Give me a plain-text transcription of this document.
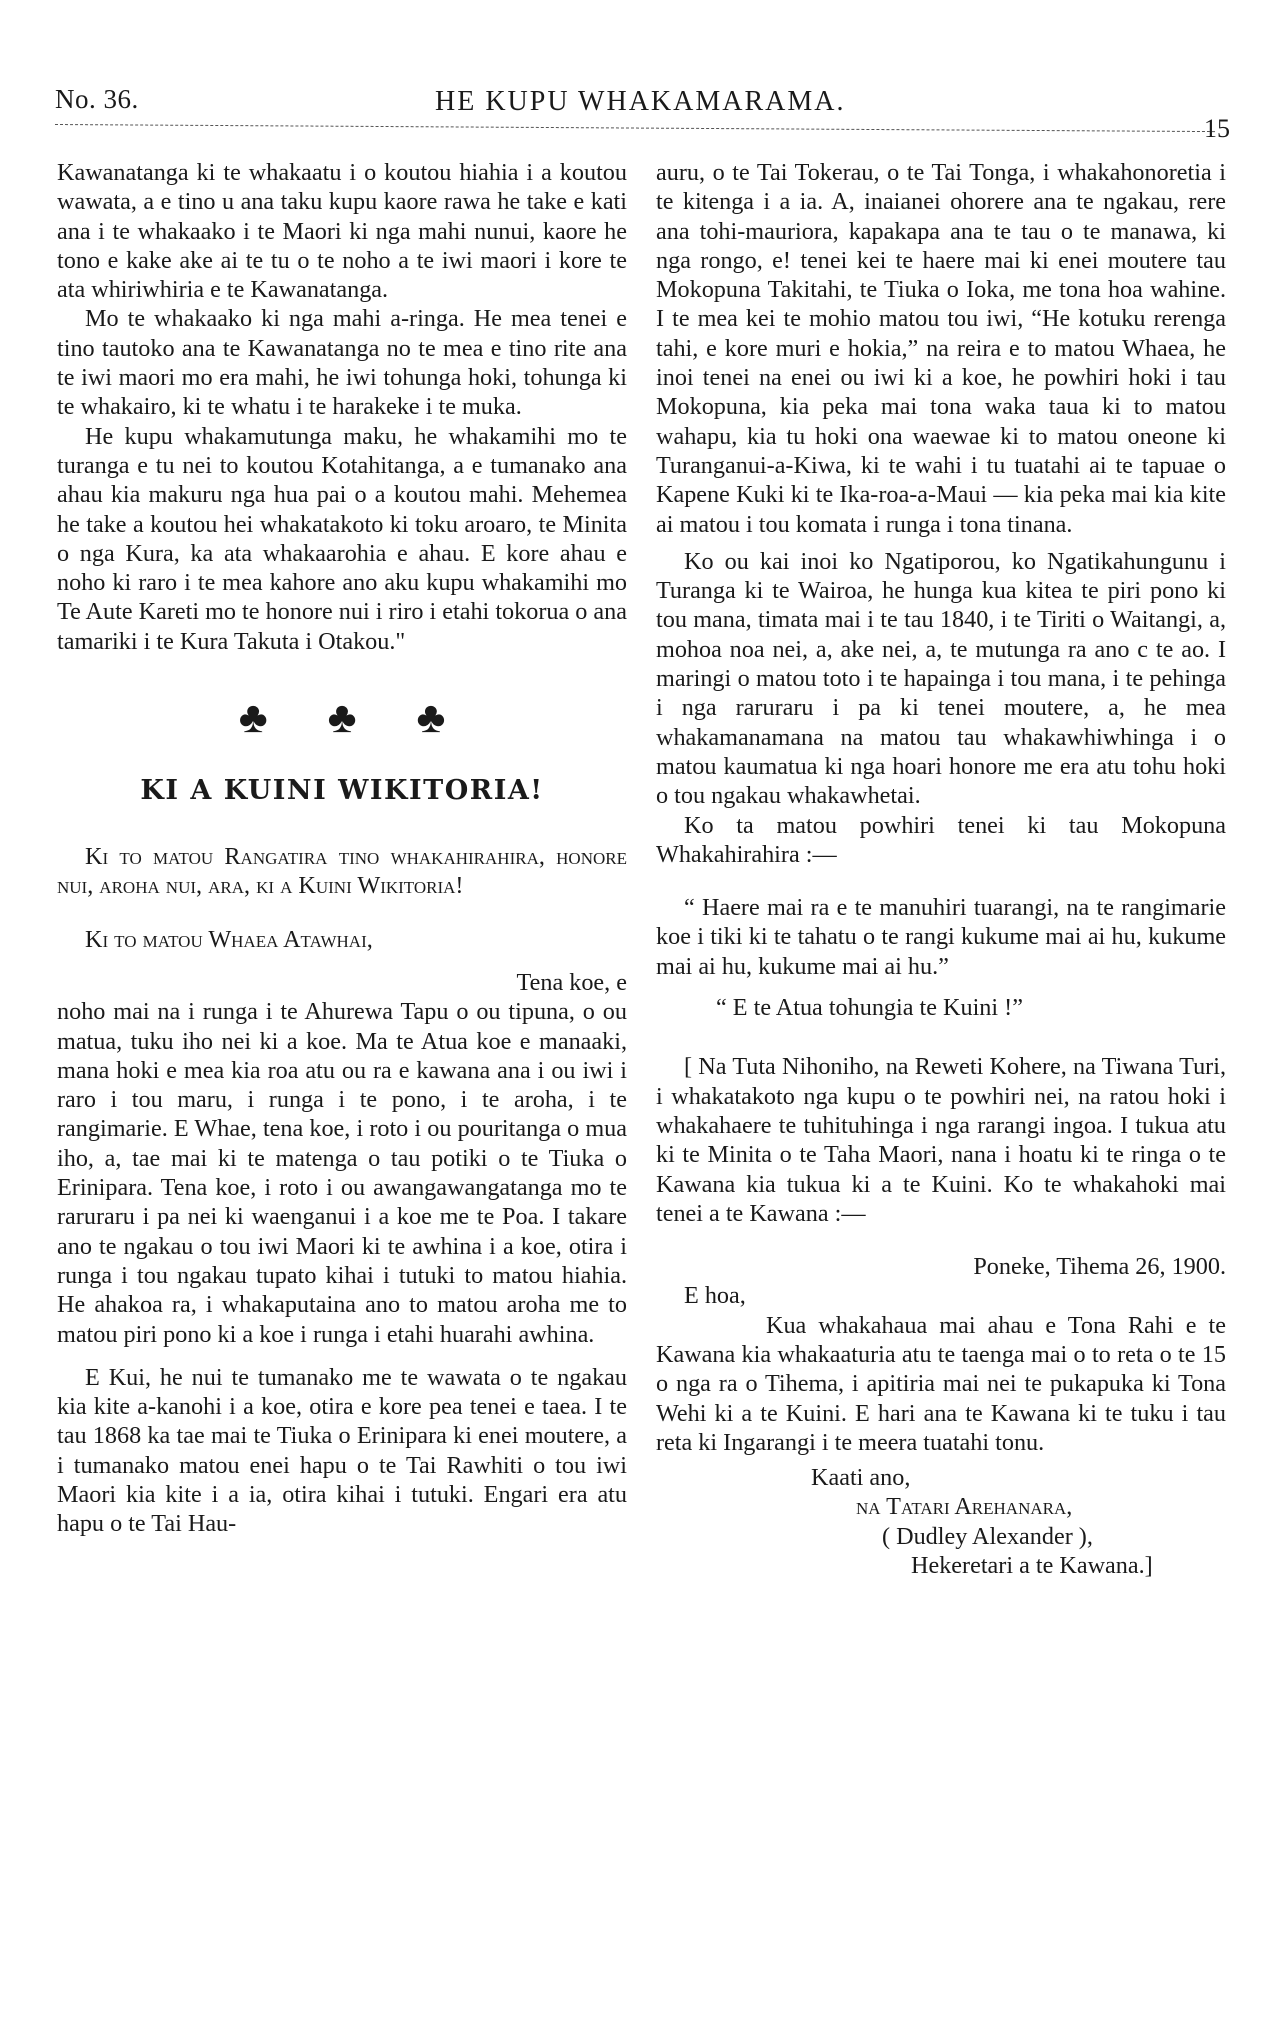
No. 36.	HE KUPU WHAKAMARAMA.
15

Kawanatanga ki te whakaatu i o koutou hiahia i a koutou wawata, a e tino u ana taku kupu kaore rawa he take e kati ana i te whakaako i te Maori ki nga mahi nunui, kaore he tono e kake ake ai te tu o te noho a te iwi maori i kore te ata whiriwhiria e te Kawanatanga.

Mo te whakaako ki nga mahi a-ringa. He mea tenei e tino tautoko ana te Kawanatanga no te mea e tino rite ana te iwi maori mo era mahi, he iwi tohunga hoki, tohunga ki te whakairo, ki te whatu i te harakeke i te muka.

He kupu whakamutunga maku, he whakamihi mo te turanga e tu nei to koutou Kotahitanga, a e tumanako ana ahau kia makuru nga hua pai o a koutou mahi. Mehemea he take a koutou hei whakatakoto ki toku aroaro, te Minita o nga Kura, ka ata whakaarohia e ahau. E kore ahau e noho ki raro i te mea kahore ano aku kupu whakamihi mo Te Aute Kareti mo te honore nui i riro i etahi tokorua o ana tamariki i te Kura Takuta i Otakou."

♣ ♣ ♣
KI A KUINI WIKITORIA!

Ki to matou Rangatira tino whakahirahira, honore nui, aroha nui, ara, ki a Kuini Wikitoria!

Ki to matou Whaea Atawhai,

Tena koe, e

noho mai na i runga i te Ahurewa Tapu o ou tipuna, o ou matua, tuku iho nei ki a koe. Ma te Atua koe e manaaki, mana hoki e mea kia roa atu ou ra e kawana ana i ou iwi i raro i tou maru, i runga i te pono, i te aroha, i te rangimarie. E Whae, tena koe, i roto i ou pouritanga o mua iho, a, tae mai ki te matenga o tau potiki o te Tiuka o Erinipara. Tena koe, i roto i ou awangawangatanga mo te raruraru i pa nei ki waenganui i a koe me te Poa. I takare ano te ngakau o tou iwi Maori ki te awhina i a koe, otira i runga i tou ngakau tupato kihai i tutuki to matou hiahia. He ahakoa ra, i whakaputaina ano to matou aroha me to matou piri pono ki a koe i runga i etahi huarahi awhina.

E Kui, he nui te tumanako me te wawata o te ngakau kia kite a-kanohi i a koe, otira e kore pea tenei e taea. I te tau 1868 ka tae mai te Tiuka o Erinipara ki enei moutere, a i tumanako matou enei hapu o te Tai Rawhiti o tou iwi Maori kia kite i a ia, otira kihai i tutuki. Engari era atu hapu o te Tai Hau-

auru, o te Tai Tokerau, o te Tai Tonga, i whakahonoretia i te kitenga i a ia. A, inaianei ohorere ana te ngakau, rere ana tohi-mauriora, kapakapa ana te tau o te manawa, ki nga rongo, e! tenei kei te haere mai ki enei moutere tau Mokopuna Takitahi, te Tiuka o Ioka, me tona hoa wahine. I te mea kei te mohio matou tou iwi, “He kotuku rerenga tahi, e kore muri e hokia,” na reira e to matou Whaea, he inoi tenei na enei ou iwi ki a koe, he powhiri hoki i tau Mokopuna, kia peka mai tona waka taua ki to matou wahapu, kia tu hoki ona waewae ki to matou oneone ki Turanganui-a-Kiwa, ki te wahi i tu tuatahi ai te tapuae o Kapene Kuki ki te Ika-roa-a-Maui — kia peka mai kia kite ai matou i tou komata i runga i tona tinana.

Ko ou kai inoi ko Ngatiporou, ko Ngatikahungunu i Turanga ki te Wairoa, he hunga kua kitea te piri pono ki tou mana, timata mai i te tau 1840, i te Tiriti o Waitangi, a, mohoa noa nei, a, ake nei, a, te mutunga ra ano c te ao. I maringi o matou toto i te hapainga i tou mana, i te pehinga i nga raruraru i pa ki tenei moutere, a, he mea whakamanamana na matou tau whakawhiwhinga i o matou kaumatua ki nga hoari honore me era atu tohu hoki o tou ngakau whakawhetai.

Ko ta matou powhiri tenei ki tau Mokopuna Whakahirahira :—

“ Haere mai ra e te manuhiri tuarangi, na te rangimarie koe i tiki ki te tahatu o te rangi kukume mai ai hu, kukume mai ai hu, kukume mai ai hu.”

“ E te Atua tohungia te Kuini !”

[ Na Tuta Nihoniho, na Reweti Kohere, na Tiwana Turi, i whakatakoto nga kupu o te powhiri nei, na ratou hoki i whakahaere te tuhituhinga i nga rarangi ingoa. I tukua atu ki te Minita o te Taha Maori, nana i hoatu ki te ringa o te Kawana kia tukua ki a te Kuini. Ko te whakahoki mai tenei a te Kawana :—

Poneke, Tihema 26, 1900.

E hoa,

Kua whakahaua mai ahau e Tona Rahi e te Kawana kia whakaaturia atu te taenga mai o to reta o te 15 o nga ra o Tihema, i apitiria mai nei te pukapuka ki Tona Wehi ki a te Kuini. E hari ana te Kawana ki te tuku i tau reta ki Ingarangi i te meera tuatahi tonu.

Kaati ano,

na Tatari Arehanara,

( Dudley Alexander ),

Hekeretari a te Kawana.]
